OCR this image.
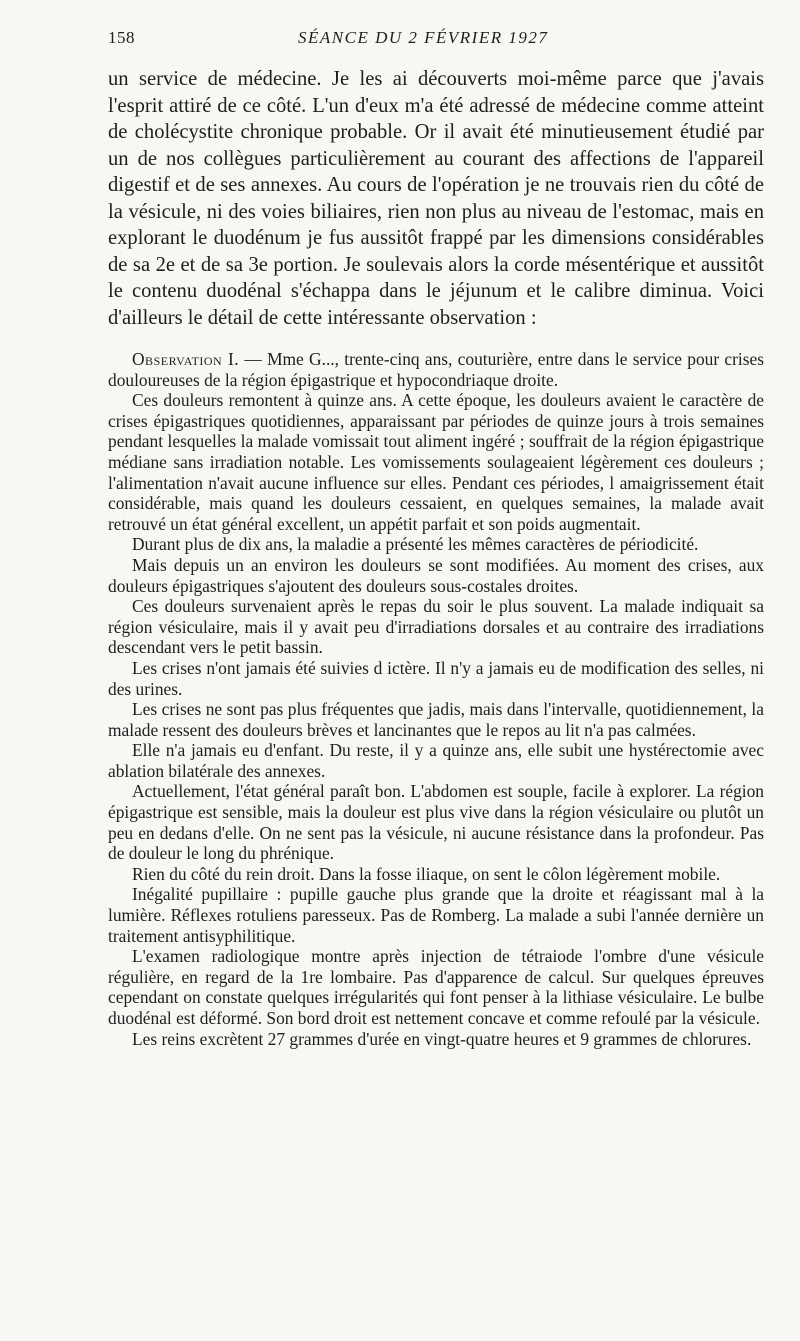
158	SÉANCE DU 2 FÉVRIER 1927

un service de médecine. Je les ai découverts moi-même parce que j'avais l'esprit attiré de ce côté. L'un d'eux m'a été adressé de médecine comme atteint de cholécystite chronique probable. Or il avait été minutieusement étudié par un de nos collègues particulièrement au courant des affections de l'appareil digestif et de ses annexes. Au cours de l'opération je ne trouvais rien du côté de la vésicule, ni des voies biliaires, rien non plus au niveau de l'estomac, mais en explorant le duodénum je fus aussitôt frappé par les dimensions considérables de sa 2e et de sa 3e portion. Je soulevais alors la corde mésentérique et aussitôt le contenu duodénal s'échappa dans le jéjunum et le calibre diminua. Voici d'ailleurs le détail de cette intéressante observation :

Observation I. — Mme G..., trente-cinq ans, couturière, entre dans le service pour crises douloureuses de la région épigastrique et hypocondriaque droite.

Ces douleurs remontent à quinze ans. A cette époque, les douleurs avaient le caractère de crises épigastriques quotidiennes, apparaissant par périodes de quinze jours à trois semaines pendant lesquelles la malade vomissait tout aliment ingéré ; souffrait de la région épigastrique médiane sans irradiation notable. Les vomissements soulageaient légèrement ces douleurs ; l'alimentation n'avait aucune influence sur elles. Pendant ces périodes, l amaigrissement était considérable, mais quand les douleurs cessaient, en quelques semaines, la malade avait retrouvé un état général excellent, un appétit parfait et son poids augmentait.

Durant plus de dix ans, la maladie a présenté les mêmes caractères de périodicité.

Mais depuis un an environ les douleurs se sont modifiées. Au moment des crises, aux douleurs épigastriques s'ajoutent des douleurs sous-costales droites.

Ces douleurs survenaient après le repas du soir le plus souvent. La malade indiquait sa région vésiculaire, mais il y avait peu d'irradiations dorsales et au contraire des irradiations descendant vers le petit bassin.

Les crises n'ont jamais été suivies d ictère. Il n'y a jamais eu de modification des selles, ni des urines.

Les crises ne sont pas plus fréquentes que jadis, mais dans l'intervalle, quotidiennement, la malade ressent des douleurs brèves et lancinantes que le repos au lit n'a pas calmées.

Elle n'a jamais eu d'enfant. Du reste, il y a quinze ans, elle subit une hystérectomie avec ablation bilatérale des annexes.

Actuellement, l'état général paraît bon. L'abdomen est souple, facile à explorer. La région épigastrique est sensible, mais la douleur est plus vive dans la région vésiculaire ou plutôt un peu en dedans d'elle. On ne sent pas la vésicule, ni aucune résistance dans la profondeur. Pas de douleur le long du phrénique.

Rien du côté du rein droit. Dans la fosse iliaque, on sent le côlon légèrement mobile.

Inégalité pupillaire : pupille gauche plus grande que la droite et réagissant mal à la lumière. Réflexes rotuliens paresseux. Pas de Romberg. La malade a subi l'année dernière un traitement antisyphilitique.

L'examen radiologique montre après injection de tétraiode l'ombre d'une vésicule régulière, en regard de la 1re lombaire. Pas d'apparence de calcul. Sur quelques épreuves cependant on constate quelques irrégularités qui font penser à la lithiase vésiculaire. Le bulbe duodénal est déformé. Son bord droit est nettement concave et comme refoulé par la vésicule.

Les reins excrètent 27 grammes d'urée en vingt-quatre heures et 9 grammes de chlorures.
